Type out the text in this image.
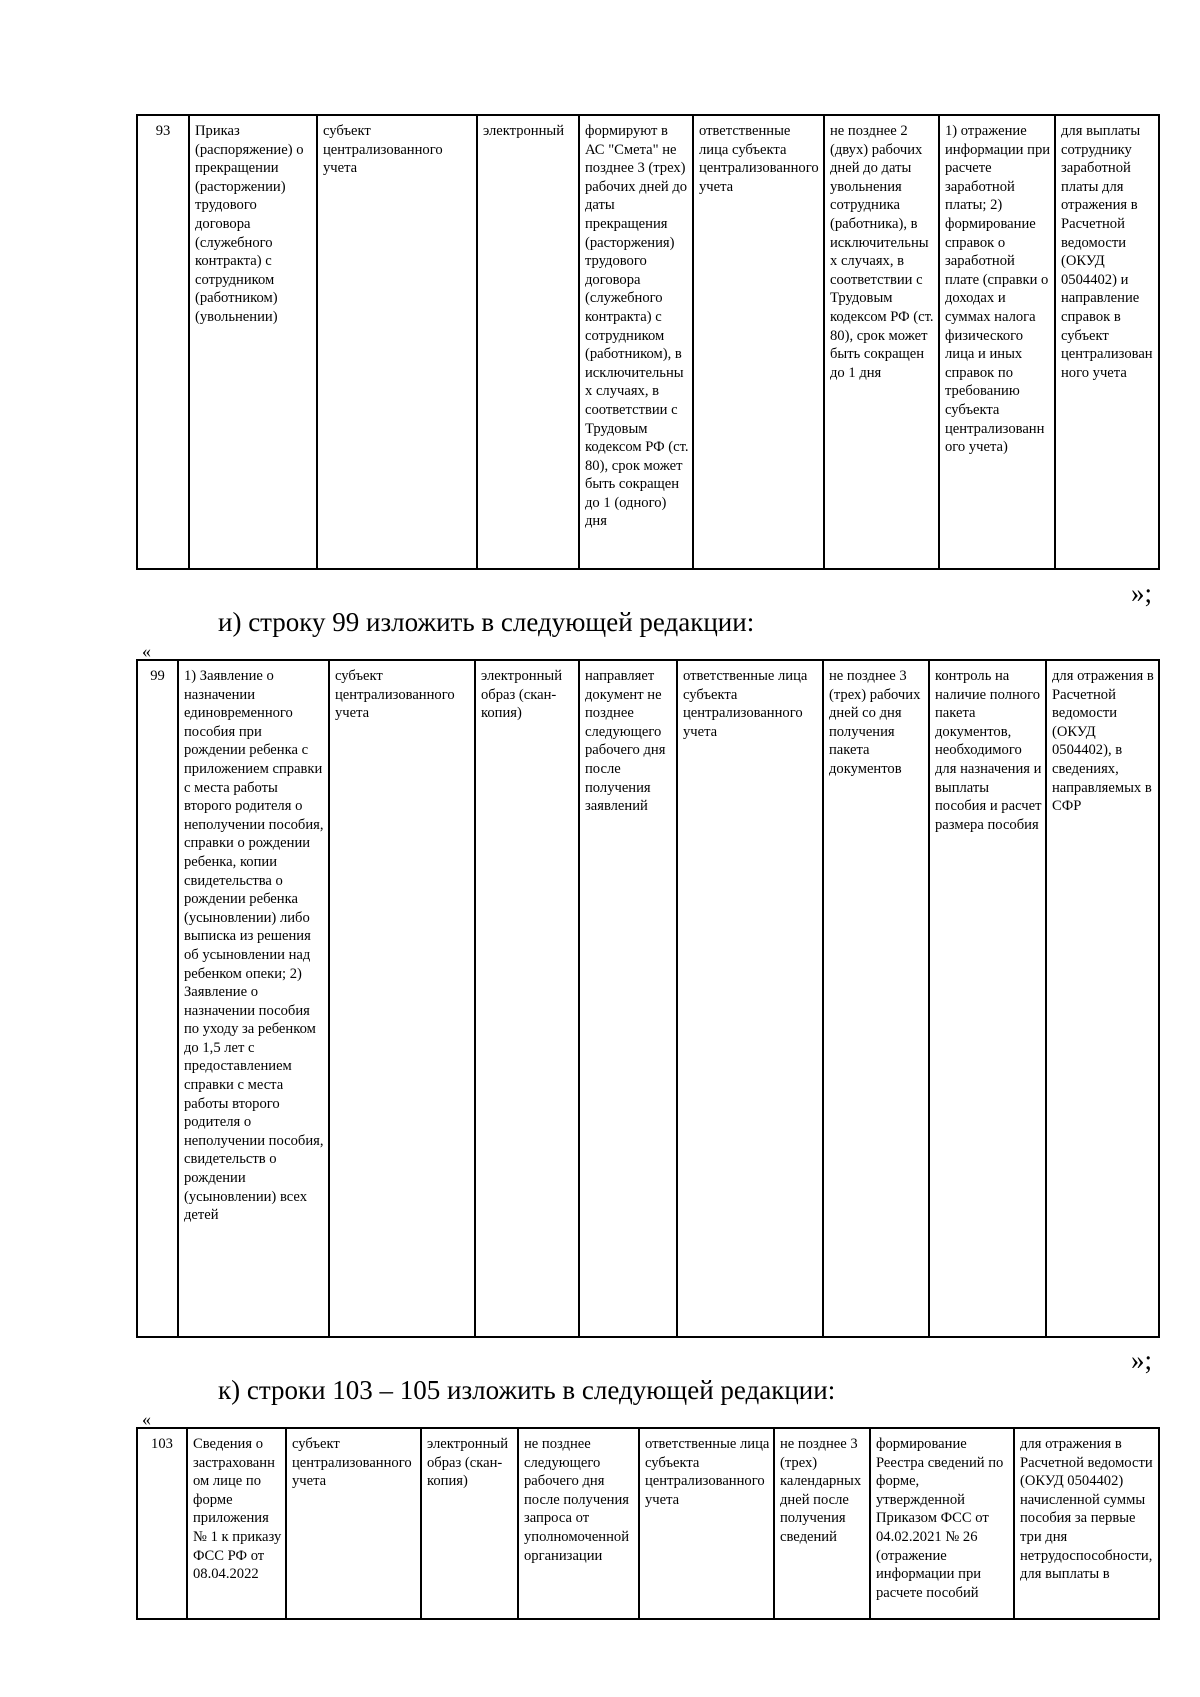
93	Приказ (распоряжение) о прекращении (расторжении) трудового договора (служебного контракта) с сотрудником (работником) (увольнении)	субъект централизованного учета	электронный	формируют в АС "Смета" не позднее 3 (трех) рабочих дней до даты прекращения (расторжения) трудового договора (служебного контракта) с сотрудником (работником), в исключительных случаях, в соответствии с Трудовым кодексом РФ (ст. 80), срок может быть сокращен до 1 (одного) дня	ответственные лица субъекта централизованного учета	не позднее 2 (двух) рабочих дней до даты увольнения сотрудника (работника), в исключительных случаях, в соответствии с Трудовым кодексом РФ (ст. 80), срок может быть сокращен до 1 дня	1) отражение информации при расчете заработной платы; 2) формирование справок о заработной плате (справки о доходах и суммах налога физического лица и иных справок по требованию субъекта централизованного учета)	для выплаты сотруднику заработной платы для отражения в Расчетной ведомости (ОКУД 0504402) и направление справок в субъект централизованного учета
»;
и) строку 99 изложить в следующей редакции:
«
99	1) Заявление о назначении единовременного пособия при рождении ребенка с приложением справки с места работы второго родителя о неполучении пособия, справки о рождении ребенка, копии свидетельства о рождении ребенка (усыновлении) либо выписка из решения об усыновлении над ребенком опеки; 2) Заявление о назначении пособия по уходу за ребенком до 1,5 лет с предоставлением справки с места работы второго родителя о неполучении пособия, свидетельств о рождении (усыновлении) всех детей	субъект централизованного учета	электронный образ (скан-копия)	направляет документ не позднее следующего рабочего дня после получения заявлений	ответственные лица субъекта централизованного учета	не позднее 3 (трех) рабочих дней со дня получения пакета документов	контроль на наличие полного пакета документов, необходимого для назначения и выплаты пособия и расчет размера пособия	для отражения в Расчетной ведомости (ОКУД 0504402), в сведениях, направляемых в СФР
»;
к) строки 103 – 105 изложить в следующей редакции:
«
103	Сведения о застрахованном лице по форме приложения № 1 к приказу ФСС РФ от 08.04.2022	субъект централизованного учета	электронный образ (скан-копия)	не позднее следующего рабочего дня после получения запроса от уполномоченной организации	ответственные лица субъекта централизованного учета	не позднее 3 (трех) календарных дней после получения сведений	формирование Реестра сведений по форме, утвержденной Приказом ФСС от 04.02.2021 № 26 (отражение информации при расчете пособий	для отражения в Расчетной ведомости (ОКУД 0504402) начисленной суммы пособия за первые три дня нетрудоспособности, для выплаты в
